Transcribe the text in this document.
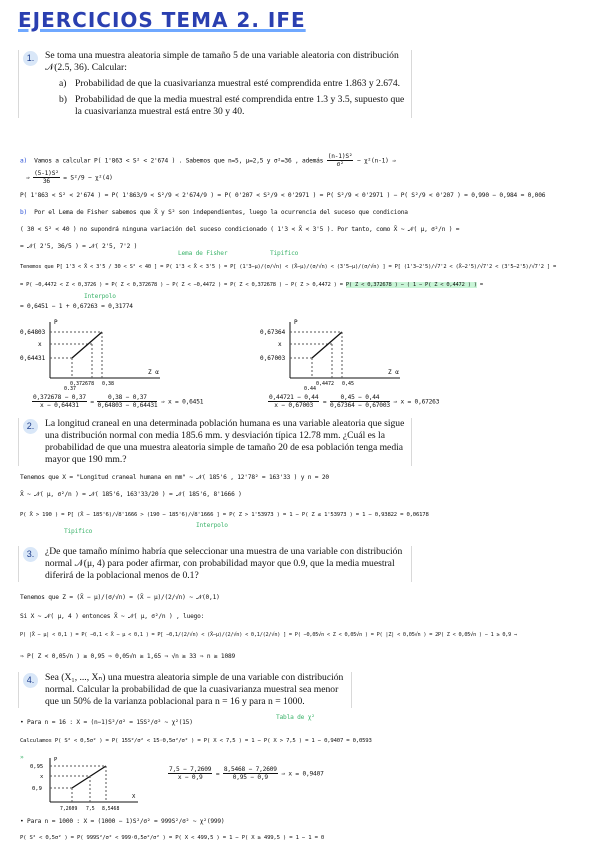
EJERCICIOS TEMA 2. IFE
1.	Se toma una muestra aleatoria simple de tamaño 5 de una variable aleatoria con distribución 𝒩(2.5, 36). Calcular:
a) Probabilidad de que la cuasivarianza muestral esté comprendida entre 1.863 y 2.674.
b) Probabilidad de que la media muestral esté comprendida entre 1.3 y 3.5, supuesto que la cuasivarianza muestral está entre 30 y 40.
a) Vamos a calcular P( 1'863 < S² < 2'674 ) . Sabemos que n=5, μ=2,5 y σ²=36 , además $\frac{\text{(n-1)S²}}{\text{σ²}}$ ~ χ²(n-1) ⇒
⇒ $\frac{\text{(5-1)S²}}{36} = S^2/9$ ~ χ²(4)
P( 1'863 < S² < 2'674 ) = P( 1'863/9 < S²/9 < 2'674/9 ) = P( 0'207 < S²/9 < 0'2971 ) = P( S²/9 < 0'2971 ) − P( S²/9 < 0'207 ) = 0,990 − 0,984 = 0,006
b) Por el Lema de Fisher sabemos que X̄ y S² son independientes, luego la ocurrencia del suceso que condiciona
( 30 < S² < 40 ) no supondrá ninguna variación del suceso condicionado ( 1'3 < X̄ < 3'5 ). Por tanto, como X̄ ~ 𝒩( μ, σ²/n ) =
= 𝒩( 2'5, 36/5 ) = 𝒩( 2'5, 7'2 )
Lema de Fisher	Tipifico
Tenemos que P[ 1'3 < X̄ < 3'5 / 30 < S² < 40 ] = P( 1'3 < X̄ < 3'5 ) = P[ (1'3−μ)/(σ/√n) < (X̄−μ)/(σ/√n) < (3'5−μ)/(σ/√n) ] = P[ (1'3−2'5)/√7'2 < (X̄−2'5)/√7'2 < (3'5−2'5)/√7'2 ] =
= P( −0,4472 < Z < 0,3726 ) = P( Z < 0,372678 ) − P( Z < −0,4472 ) = P( Z < 0,372678 ) − P( Z > 0,4472 ) = P( Z < 0,372678 ) − ( 1 − P( Z < 0,4472 ) ) =
Interpolo
= 0,6451 − 1 + 0,67263 = 0,31774
0,64803
x
0,64431
P
Z α
0,372678 0,38
0,37
0,67364
x
0,67003
P
Z α
0,4472 0,45
0,44
$\frac{0,372678 - 0,37}{x - 0,64431} = \frac{0,38 - 0,37}{0,64803 - 0,64431}$ ⇒ x = 0,6451	$\frac{0,44721 - 0,44}{x - 0,67003} = \frac{0,45 - 0,44}{0,67364 - 0,67003}$ ⇒ x = 0,67263
2.	La longitud craneal en una determinada población humana es una variable aleatoria que sigue una distribución normal con media 185.6 mm. y desviación típica 12.78 mm. ¿Cuál es la probabilidad de que una muestra aleatoria simple de tamaño 20 de esa población tenga media mayor que 190 mm.?
Tenemos que X = "Longitud craneal humana en mm" ~ 𝒩( 185'6 , 12'78² = 163'33 ) y n = 20
X̄ ~ 𝒩( μ, σ²/n ) = 𝒩( 185'6, 163'33/20 ) = 𝒩( 185'6, 8'1666 )
P( X̄ > 190 ) = P[ (X̄ − 185'6)/√8'1666 > (190 − 185'6)/√8'1666 ] = P( Z > 1'53973 ) = 1 − P( Z ≤ 1'53973 ) = 1 − 0,93822 = 0,06178
Tipifico
Interpolo
3.	¿De que tamaño mínimo habría que seleccionar una muestra de una variable con distribución normal 𝒩(μ, 4) para poder afirmar, con probabilidad mayor que 0.9, que la media muestral diferirá de la poblacional menos de 0.1?
Tenemos que Z = (X̄ − μ)/(σ/√n) = (X̄ − μ)/(2/√n) ~ 𝒩(0,1)
Si X ~ 𝒩( μ, 4 ) entonces X̄ ~ 𝒩( μ, σ²/n ) , luego:
P( |X̄ − μ| < 0,1 ) = P( −0,1 < X̄ − μ < 0,1 ) = P[ −0,1/(2/√n) < (X̄−μ)/(2/√n) < 0,1/(2/√n) ] = P( −0,05√n < Z < 0,05√n ) = P( |Z| < 0,05√n ) = 2P( Z < 0,05√n ) − 1 ≥ 0,9 ⇒
⇒ P( Z < 0,05√n ) ≥ 0,95 ⇒ 0,05√n ≥ 1,65 ⇒ √n ≥ 33 ⇒ n ≥ 1089
4.	Sea (X₁, ..., Xₙ) una muestra aleatoria simple de una variable con distribución normal. Calcular la probabilidad de que la cuasivarianza muestral sea menor que un 50% de la varianza poblacional para n = 16 y para n = 1000.
• Para n = 16 : X = (n−1)S²/σ² = 15S²/σ² ~ χ²(15)
Tabla de χ²
Calculamos P( S² < 0,5σ² ) = P( 15S²/σ² < 15·0,5σ²/σ² ) = P( X < 7,5 ) = 1 − P( X > 7,5 ) = 1 − 0,9407 = 0,0593
»
0,95
x
0,9
P
X
7,2609 7,5 8,5468
$\frac{7,5 - 7,2609}{x - 0,9} = \frac{8,5468 - 7,2609}{0,95 - 0,9}$ ⇒ x = 0,9407
• Para n = 1000 : X = (1000 − 1)S²/σ² = 999S²/σ² ~ χ²(999)
P( S² < 0,5σ² ) = P( 999S²/σ² < 999·0,5σ²/σ² ) = P( X < 499,5 ) = 1 − P( X ≥ 499,5 ) = 1 − 1 = 0
